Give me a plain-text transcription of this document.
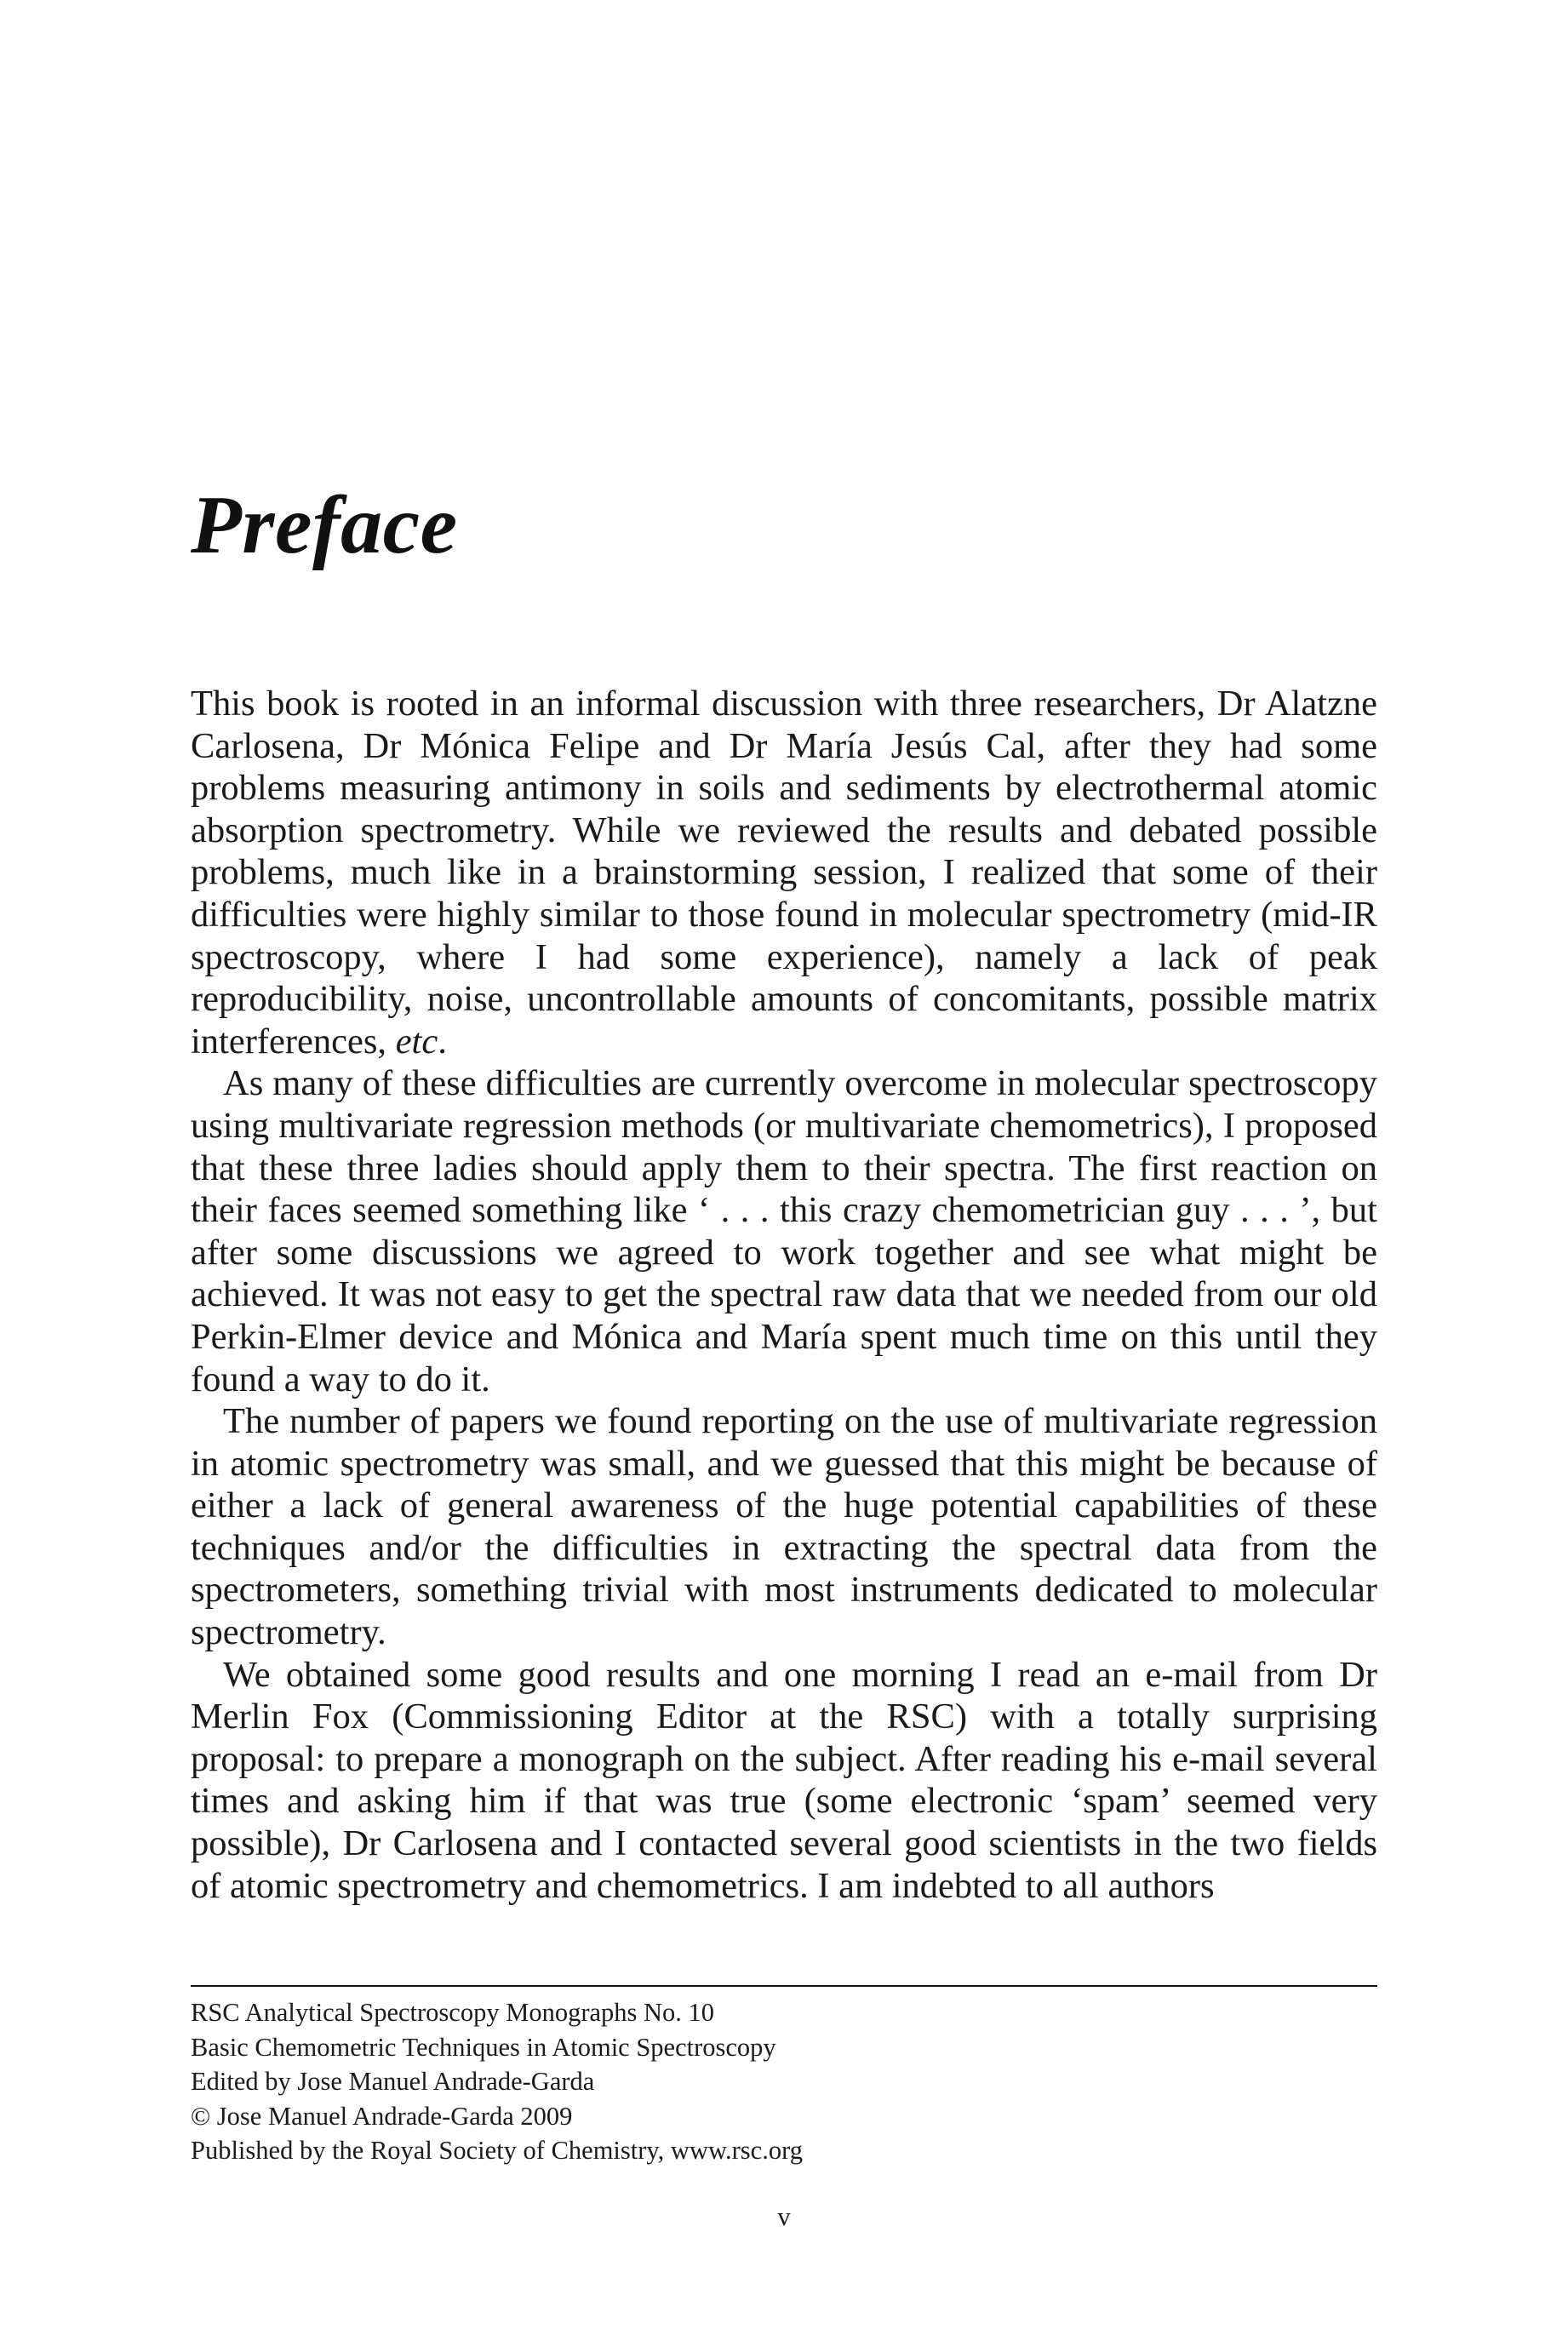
Preface

This book is rooted in an informal discussion with three researchers, Dr Alatzne Carlosena, Dr Mónica Felipe and Dr María Jesús Cal, after they had some problems measuring antimony in soils and sediments by electrothermal atomic absorption spectrometry. While we reviewed the results and debated possible problems, much like in a brainstorming session, I realized that some of their difficulties were highly similar to those found in molecular spectrometry (mid-IR spectroscopy, where I had some experience), namely a lack of peak reproducibility, noise, uncontrollable amounts of concomitants, possible matrix interferences, etc.

As many of these difficulties are currently overcome in molecular spectroscopy using multivariate regression methods (or multivariate chemometrics), I proposed that these three ladies should apply them to their spectra. The first reaction on their faces seemed something like ‘ . . . this crazy chemometrician guy . . . ’, but after some discussions we agreed to work together and see what might be achieved. It was not easy to get the spectral raw data that we needed from our old Perkin-Elmer device and Mónica and María spent much time on this until they found a way to do it.

The number of papers we found reporting on the use of multivariate regression in atomic spectrometry was small, and we guessed that this might be because of either a lack of general awareness of the huge potential capabilities of these techniques and/or the difficulties in extracting the spectral data from the spectrometers, something trivial with most instruments dedicated to molecular spectrometry.

We obtained some good results and one morning I read an e-mail from Dr Merlin Fox (Commissioning Editor at the RSC) with a totally surprising proposal: to prepare a monograph on the subject. After reading his e-mail several times and asking him if that was true (some electronic ‘spam’ seemed very possible), Dr Carlosena and I contacted several good scientists in the two fields of atomic spectrometry and chemometrics. I am indebted to all authors

RSC Analytical Spectroscopy Monographs No. 10
Basic Chemometric Techniques in Atomic Spectroscopy
Edited by Jose Manuel Andrade-Garda
© Jose Manuel Andrade-Garda 2009
Published by the Royal Society of Chemistry, www.rsc.org
v
